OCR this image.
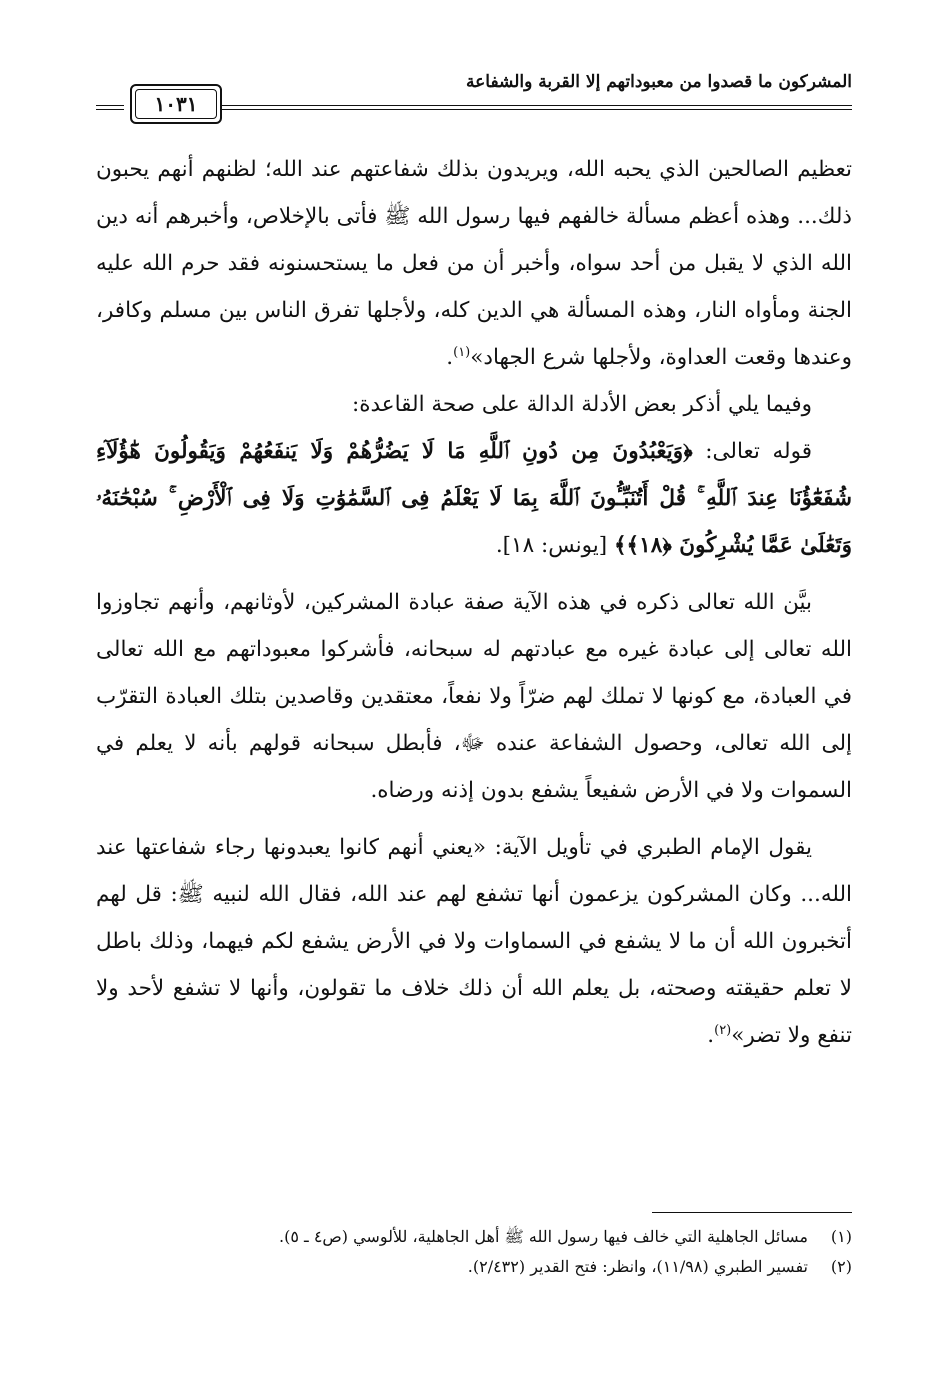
المشركون ما قصدوا من معبوداتهم إلا القربة والشفاعة
١٠٣١

تعظيم الصالحين الذي يحبه الله، ويريدون بذلك شفاعتهم عند الله؛ لظنهم أنهم يحبون ذلك... وهذه أعظم مسألة خالفهم فيها رسول الله ﷺ فأتى بالإخلاص، وأخبرهم أنه دين الله الذي لا يقبل من أحد سواه، وأخبر أن من فعل ما يستحسنونه فقد حرم الله عليه الجنة ومأواه النار، وهذه المسألة هي الدين كله، ولأجلها تفرق الناس بين مسلم وكافر، وعندها وقعت العداوة، ولأجلها شرع الجهاد»$^{(١)}$.

وفيما يلي أذكر بعض الأدلة الدالة على صحة القاعدة:

قوله تعالى: ﴿وَيَعْبُدُونَ مِن دُونِ ٱللَّهِ مَا لَا يَضُرُّهُمْ وَلَا يَنفَعُهُمْ وَيَقُولُونَ هَٰٓؤُلَآءِ شُفَعَٰٓؤُنَا عِندَ ٱللَّهِ ۚ قُلْ أَتُنَبِّـُٔونَ ٱللَّهَ بِمَا لَا يَعْلَمُ فِى ٱلسَّمَٰوَٰتِ وَلَا فِى ٱلْأَرْضِ ۚ سُبْحَٰنَهُۥ وَتَعَٰلَىٰ عَمَّا يُشْرِكُونَ ﴿١٨﴾﴾ [يونس: ١٨].

بيَّن الله تعالى ذكره في هذه الآية صفة عبادة المشركين، لأوثانهم، وأنهم تجاوزوا الله تعالى إلى عبادة غيره مع عبادتهم له سبحانه، فأشركوا معبوداتهم مع الله تعالى في العبادة، مع كونها لا تملك لهم ضرّاً ولا نفعاً، معتقدين وقاصدين بتلك العبادة التقرّب إلى الله تعالى، وحصول الشفاعة عنده ﷻ، فأبطل سبحانه قولهم بأنه لا يعلم في السموات ولا في الأرض شفيعاً يشفع بدون إذنه ورضاه.

يقول الإمام الطبري في تأويل الآية: «يعني أنهم كانوا يعبدونها رجاء شفاعتها عند الله... وكان المشركون يزعمون أنها تشفع لهم عند الله، فقال الله لنبيه ﷺ: قل لهم أتخبرون الله أن ما لا يشفع في السماوات ولا في الأرض يشفع لكم فيهما، وذلك باطل لا تعلم حقيقته وصحته، بل يعلم الله أن ذلك خلاف ما تقولون، وأنها لا تشفع لأحد ولا تنفع ولا تضر»$^{(٢)}$.

(١)مسائل الجاهلية التي خالف فيها رسول الله ﷺ أهل الجاهلية، للألوسي (ص٤ ـ ٥).

(٢)تفسير الطبري (١١/٩٨)، وانظر: فتح القدير (٢/٤٣٢).
